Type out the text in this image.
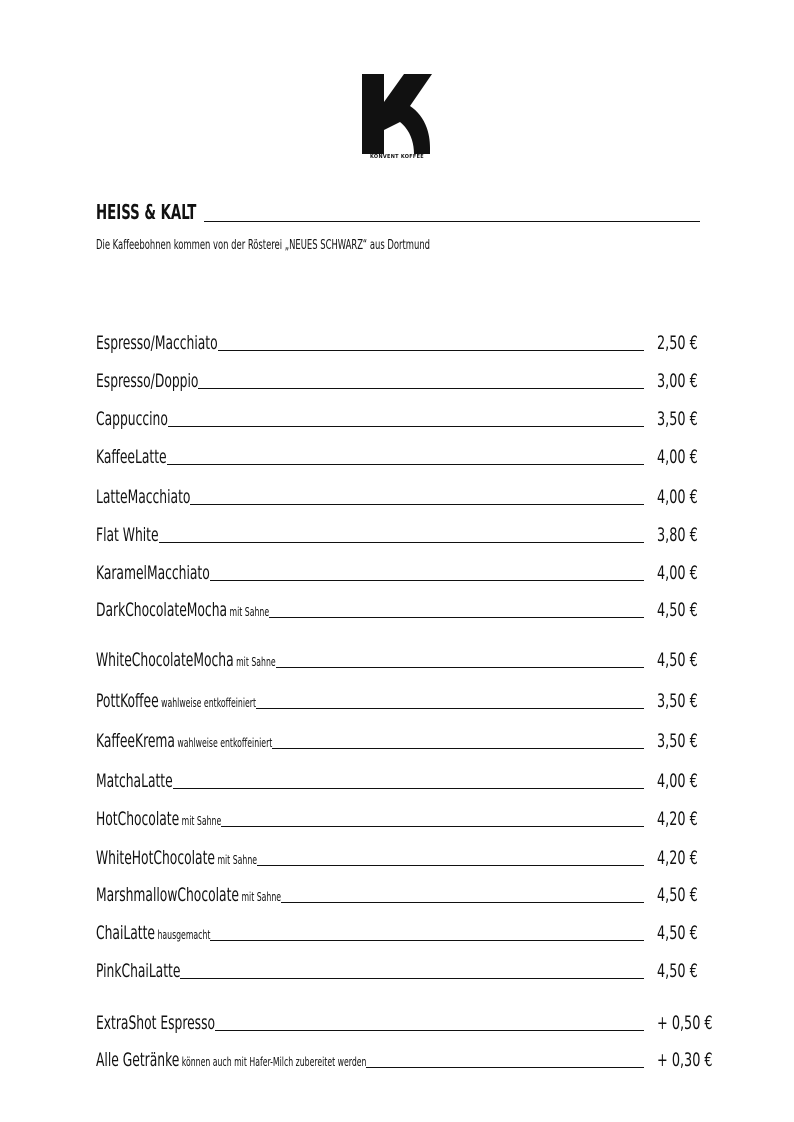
KONVENT KOFFEE
HEISS & KALT
Die Kaffeebohnen kommen von der Rösterei „NEUES SCHWARZ“ aus Dortmund
Espresso/Macchiato	2,50 €
Espresso/Doppio	3,00 €
Cappuccino	3,50 €
KaffeeLatte	4,00 €
LatteMacchiato	4,00 €
Flat White	3,80 €
KaramelMacchiato	4,00 €
DarkChocolateMocha mit Sahne	4,50 €
WhiteChocolateMocha mit Sahne	4,50 €
PottKoffee wahlweise entkoffeiniert	3,50 €
KaffeeKrema wahlweise entkoffeiniert	3,50 €
MatchaLatte	4,00 €
HotChocolate mit Sahne	4,20 €
WhiteHotChocolate mit Sahne	4,20 €
MarshmallowChocolate mit Sahne	4,50 €
ChaiLatte hausgemacht	4,50 €
PinkChaiLatte	4,50 €
ExtraShot Espresso	+ 0,50 €
Alle Getränke können auch mit Hafer-Milch zubereitet werden	+ 0,30 €
